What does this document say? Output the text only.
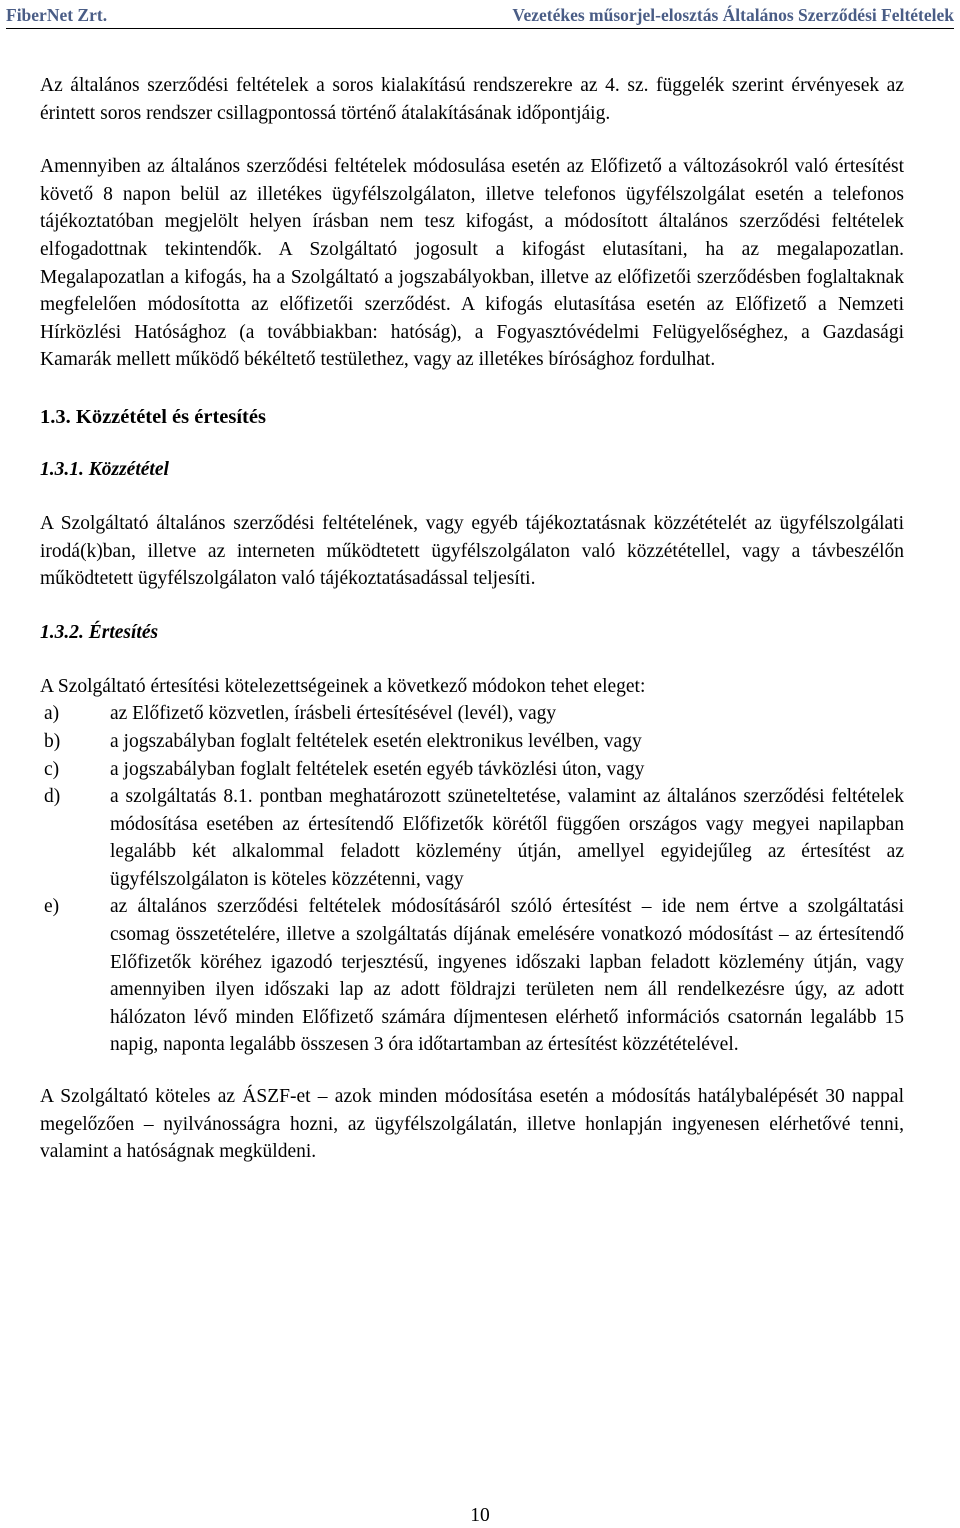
FiberNet Zrt.	Vezetékes műsorjel-elosztás Általános Szerződési Feltételek

Az általános szerződési feltételek a soros kialakítású rendszerekre az 4. sz. függelék szerint érvényesek az érintett soros rendszer csillagpontossá történő átalakításának időpontjáig.

Amennyiben az általános szerződési feltételek módosulása esetén az Előfizető a változásokról való értesítést követő 8 napon belül az illetékes ügyfélszolgálaton, illetve telefonos ügyfélszolgálat esetén a telefonos tájékoztatóban megjelölt helyen írásban nem tesz kifogást, a módosított általános szerződési feltételek elfogadottnak tekintendők. A Szolgáltató jogosult a kifogást elutasítani, ha az megalapozatlan. Megalapozatlan a kifogás, ha a Szolgáltató a jogszabályokban, illetve az előfizetői szerződésben foglaltaknak megfelelően módosította az előfizetői szerződést. A kifogás elutasítása esetén az Előfizető a Nemzeti Hírközlési Hatósághoz (a továbbiakban: hatóság), a Fogyasztóvédelmi Felügyelőséghez, a Gazdasági Kamarák mellett működő békéltető testülethez, vagy az illetékes bírósághoz fordulhat.

1.3. Közzététel és értesítés
1.3.1. Közzététel

A Szolgáltató általános szerződési feltételének, vagy egyéb tájékoztatásnak közzétételét az ügyfélszolgálati irodá(k)ban, illetve az interneten működtetett ügyfélszolgálaton való közzététellel, vagy a távbeszélőn működtetett ügyfélszolgálaton való tájékoztatásadással teljesíti.

1.3.2. Értesítés

A Szolgáltató értesítési kötelezettségeinek a következő módokon tehet eleget:

a)	az Előfizető közvetlen, írásbeli értesítésével (levél), vagy
b)	a jogszabályban foglalt feltételek esetén elektronikus levélben, vagy
c)	a jogszabályban foglalt feltételek esetén egyéb távközlési úton, vagy
d)	a szolgáltatás 8.1. pontban meghatározott szüneteltetése, valamint az általános szerződési feltételek módosítása esetében az értesítendő Előfizetők körétől függően országos vagy megyei napilapban legalább két alkalommal feladott közlemény útján, amellyel egyidejűleg az értesítést az ügyfélszolgálaton is köteles közzétenni, vagy
e)	az általános szerződési feltételek módosításáról szóló értesítést – ide nem értve a szolgáltatási csomag összetételére, illetve a szolgáltatás díjának emelésére vonatkozó módosítást – az értesítendő Előfizetők köréhez igazodó terjesztésű, ingyenes időszaki lapban feladott közlemény útján, vagy amennyiben ilyen időszaki lap az adott földrajzi területen nem áll rendelkezésre úgy, az adott hálózaton lévő minden Előfizető számára díjmentesen elérhető információs csatornán legalább 15 napig, naponta legalább összesen 3 óra időtartamban az értesítést közzétételével.

A Szolgáltató köteles az ÁSZF-et – azok minden módosítása esetén a módosítás hatálybalépését 30 nappal megelőzően – nyilvánosságra hozni, az ügyfélszolgálatán, illetve honlapján ingyenesen elérhetővé tenni, valamint a hatóságnak megküldeni.

10
